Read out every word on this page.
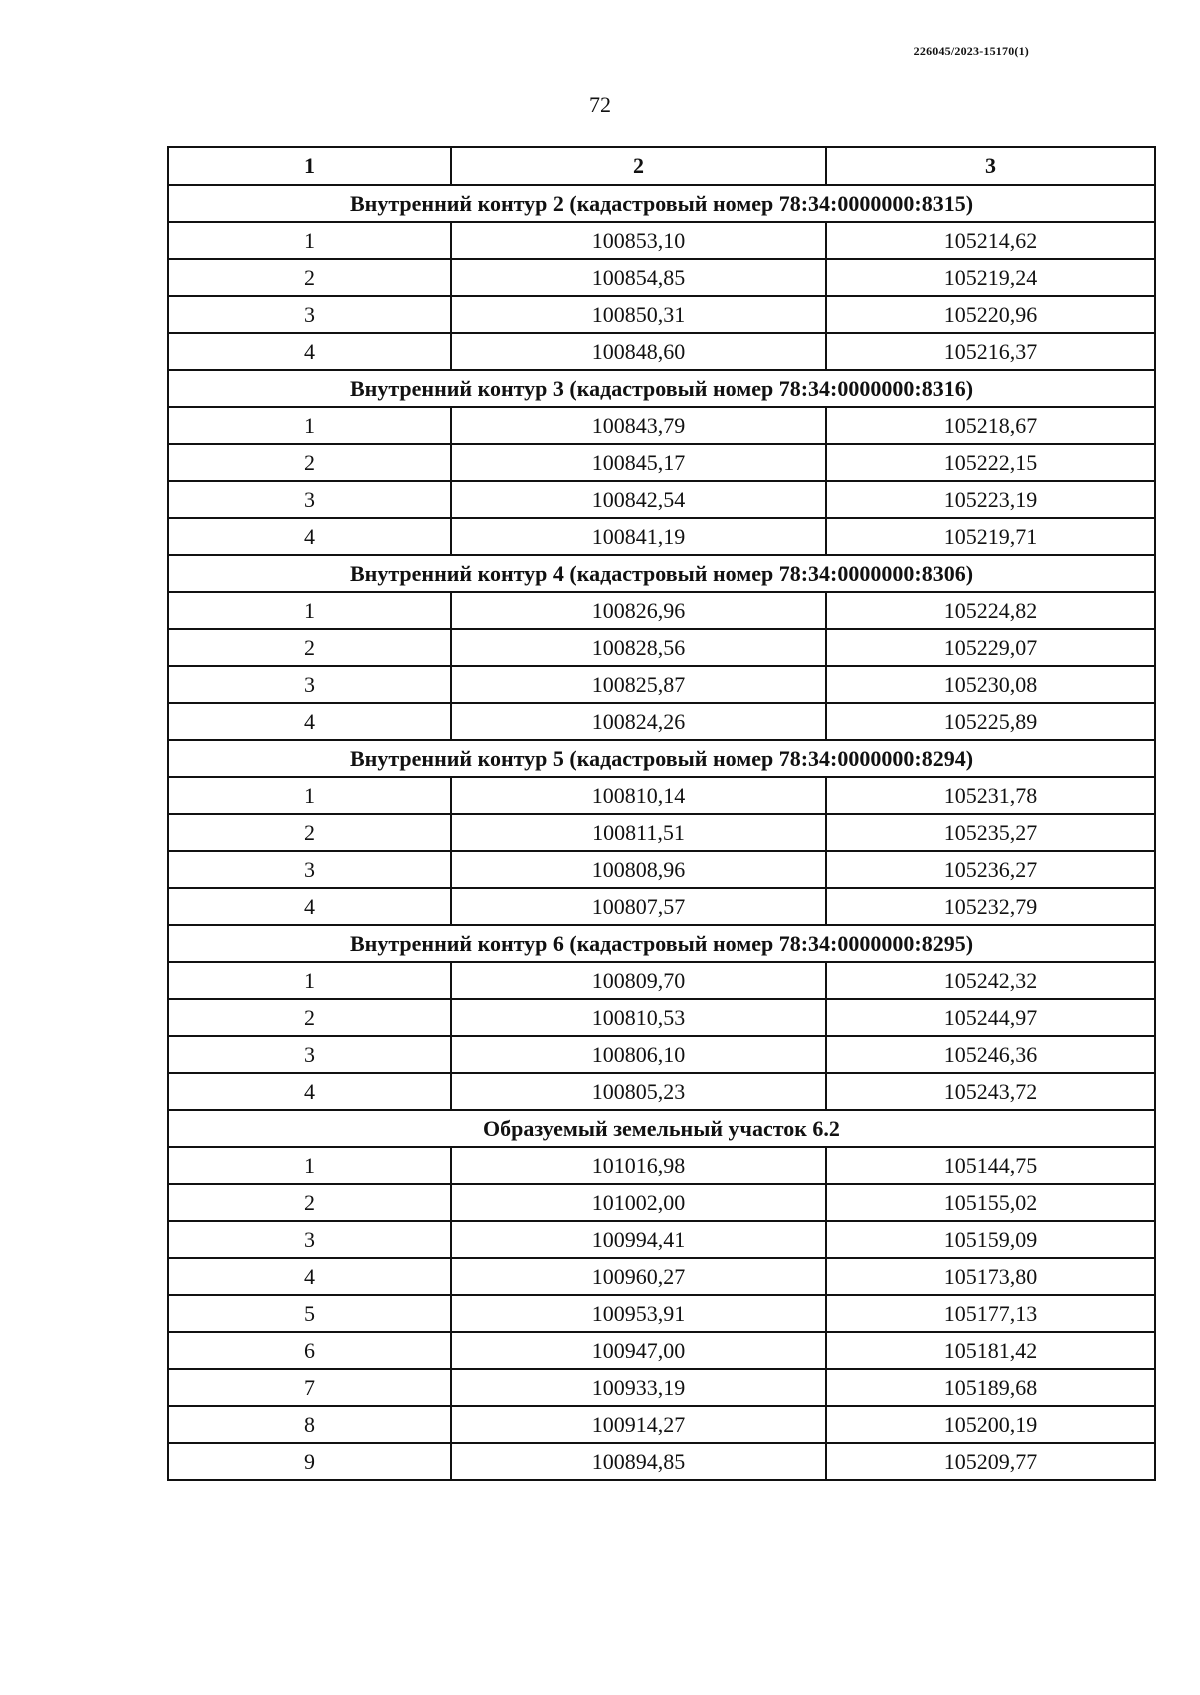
226045/2023-15170(1)
72
1	2	3
Внутренний контур 2 (кадастровый номер 78:34:0000000:8315)		
1	100853,10	105214,62
2	100854,85	105219,24
3	100850,31	105220,96
4	100848,60	105216,37
Внутренний контур 3 (кадастровый номер 78:34:0000000:8316)		
1	100843,79	105218,67
2	100845,17	105222,15
3	100842,54	105223,19
4	100841,19	105219,71
Внутренний контур 4 (кадастровый номер 78:34:0000000:8306)		
1	100826,96	105224,82
2	100828,56	105229,07
3	100825,87	105230,08
4	100824,26	105225,89
Внутренний контур 5 (кадастровый номер 78:34:0000000:8294)		
1	100810,14	105231,78
2	100811,51	105235,27
3	100808,96	105236,27
4	100807,57	105232,79
Внутренний контур 6 (кадастровый номер 78:34:0000000:8295)		
1	100809,70	105242,32
2	100810,53	105244,97
3	100806,10	105246,36
4	100805,23	105243,72
Образуемый земельный участок 6.2		
1	101016,98	105144,75
2	101002,00	105155,02
3	100994,41	105159,09
4	100960,27	105173,80
5	100953,91	105177,13
6	100947,00	105181,42
7	100933,19	105189,68
8	100914,27	105200,19
9	100894,85	105209,77
